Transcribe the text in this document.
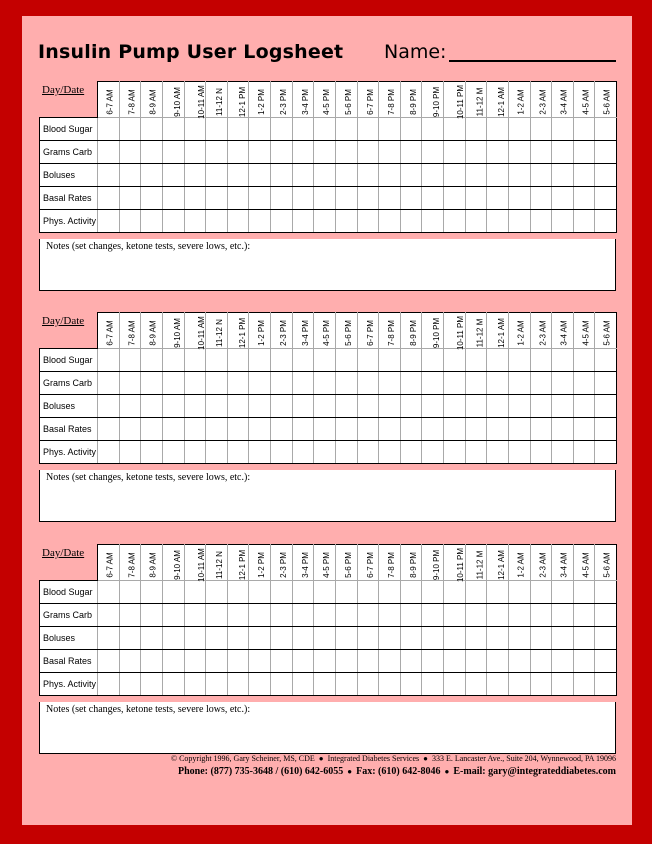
Insulin Pump User Logsheet Name:
Day/Date	6-7 AM	7-8 AM	8-9 AM	9-10 AM	10-11 AM	11-12 N	12-1 PM	1-2 PM	2-3 PM	3-4 PM	4-5 PM	5-6 PM	6-7 PM	7-8 PM	8-9 PM	9-10 PM	10-11 PM	11-12 M	12-1 AM	1-2 AM	2-3 AM	3-4 AM	4-5 AM	5-6 AM
Blood Sugar																								
Grams Carb																								
Boluses																								
Basal Rates																								
Phys. Activity																								
Notes (set changes, ketone tests, severe lows, etc.):
Day/Date	6-7 AM	7-8 AM	8-9 AM	9-10 AM	10-11 AM	11-12 N	12-1 PM	1-2 PM	2-3 PM	3-4 PM	4-5 PM	5-6 PM	6-7 PM	7-8 PM	8-9 PM	9-10 PM	10-11 PM	11-12 M	12-1 AM	1-2 AM	2-3 AM	3-4 AM	4-5 AM	5-6 AM
Blood Sugar																								
Grams Carb																								
Boluses																								
Basal Rates																								
Phys. Activity																								
Notes (set changes, ketone tests, severe lows, etc.):
Day/Date	6-7 AM	7-8 AM	8-9 AM	9-10 AM	10-11 AM	11-12 N	12-1 PM	1-2 PM	2-3 PM	3-4 PM	4-5 PM	5-6 PM	6-7 PM	7-8 PM	8-9 PM	9-10 PM	10-11 PM	11-12 M	12-1 AM	1-2 AM	2-3 AM	3-4 AM	4-5 AM	5-6 AM
Blood Sugar																								
Grams Carb																								
Boluses																								
Basal Rates																								
Phys. Activity																								
Notes (set changes, ketone tests, severe lows, etc.):
© Copyright 1996, Gary Scheiner, MS, CDE ● Integrated Diabetes Services ● 333 E. Lancaster Ave., Suite 204, Wynnewood, PA 19096
Phone: (877) 735-3648 / (610) 642-6055 ● Fax: (610) 642-8046 ● E-mail: gary@integrateddiabetes.com
